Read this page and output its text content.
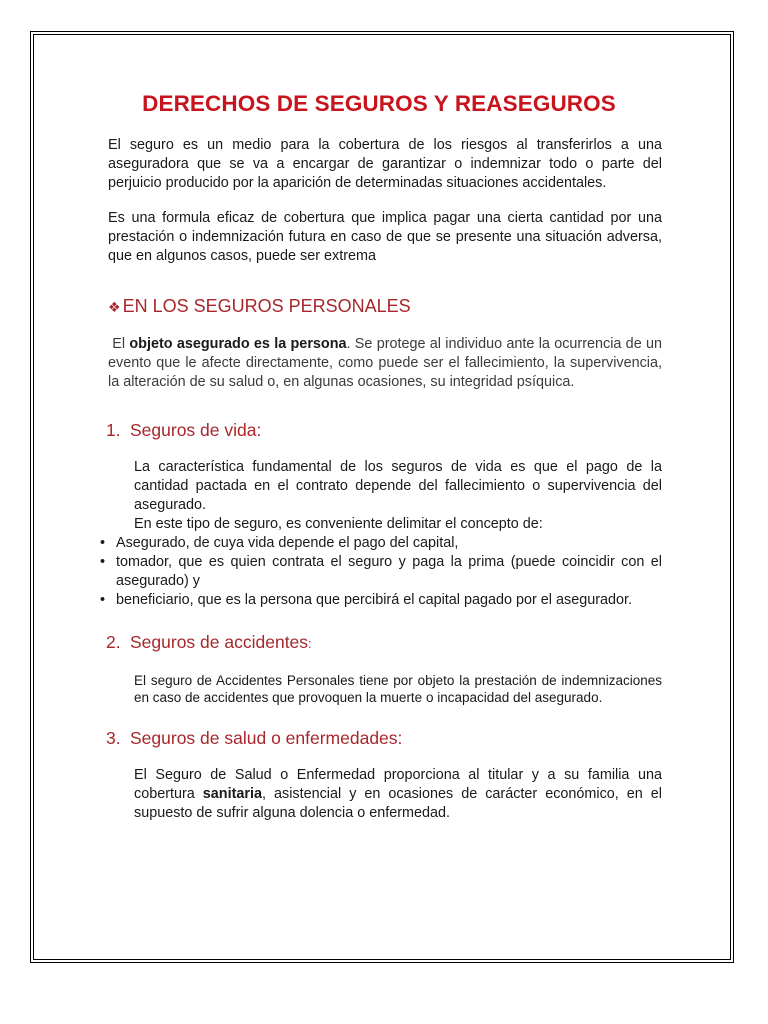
DERECHOS DE SEGUROS Y REASEGUROS

El seguro es un medio para la cobertura de los riesgos al transferirlos a una aseguradora que se va a encargar de garantizar o indemnizar todo o parte del perjuicio producido por la aparición de determinadas situaciones accidentales.

Es una formula eficaz de cobertura que implica pagar una cierta cantidad por una prestación o indemnización futura en caso de que se presente una situación adversa, que en algunos casos, puede ser extrema

❖ EN LOS SEGUROS PERSONALES

El objeto asegurado es la persona. Se protege al individuo ante la ocurrencia de un evento que le afecte directamente, como puede ser el fallecimiento, la supervivencia, la alteración de su salud o, en algunas ocasiones, su integridad psíquica.

1. Seguros de vida:

La característica fundamental de los seguros de vida es que el pago de la cantidad pactada en el contrato depende del fallecimiento o supervivencia del asegurado.

En este tipo de seguro, es conveniente delimitar el concepto de:

• Asegurado, de cuya vida depende el pago del capital,
• tomador, que es quien contrata el seguro y paga la prima (puede coincidir con el asegurado) y
• beneficiario, que es la persona que percibirá el capital pagado por el asegurador.
2. Seguros de accidentes:

El seguro de Accidentes Personales tiene por objeto la prestación de indemnizaciones en caso de accidentes que provoquen la muerte o incapacidad del asegurado.

3. Seguros de salud o enfermedades:

El Seguro de Salud o Enfermedad proporciona al titular y a su familia una cobertura sanitaria, asistencial y en ocasiones de carácter económico, en el supuesto de sufrir alguna dolencia o enfermedad.
